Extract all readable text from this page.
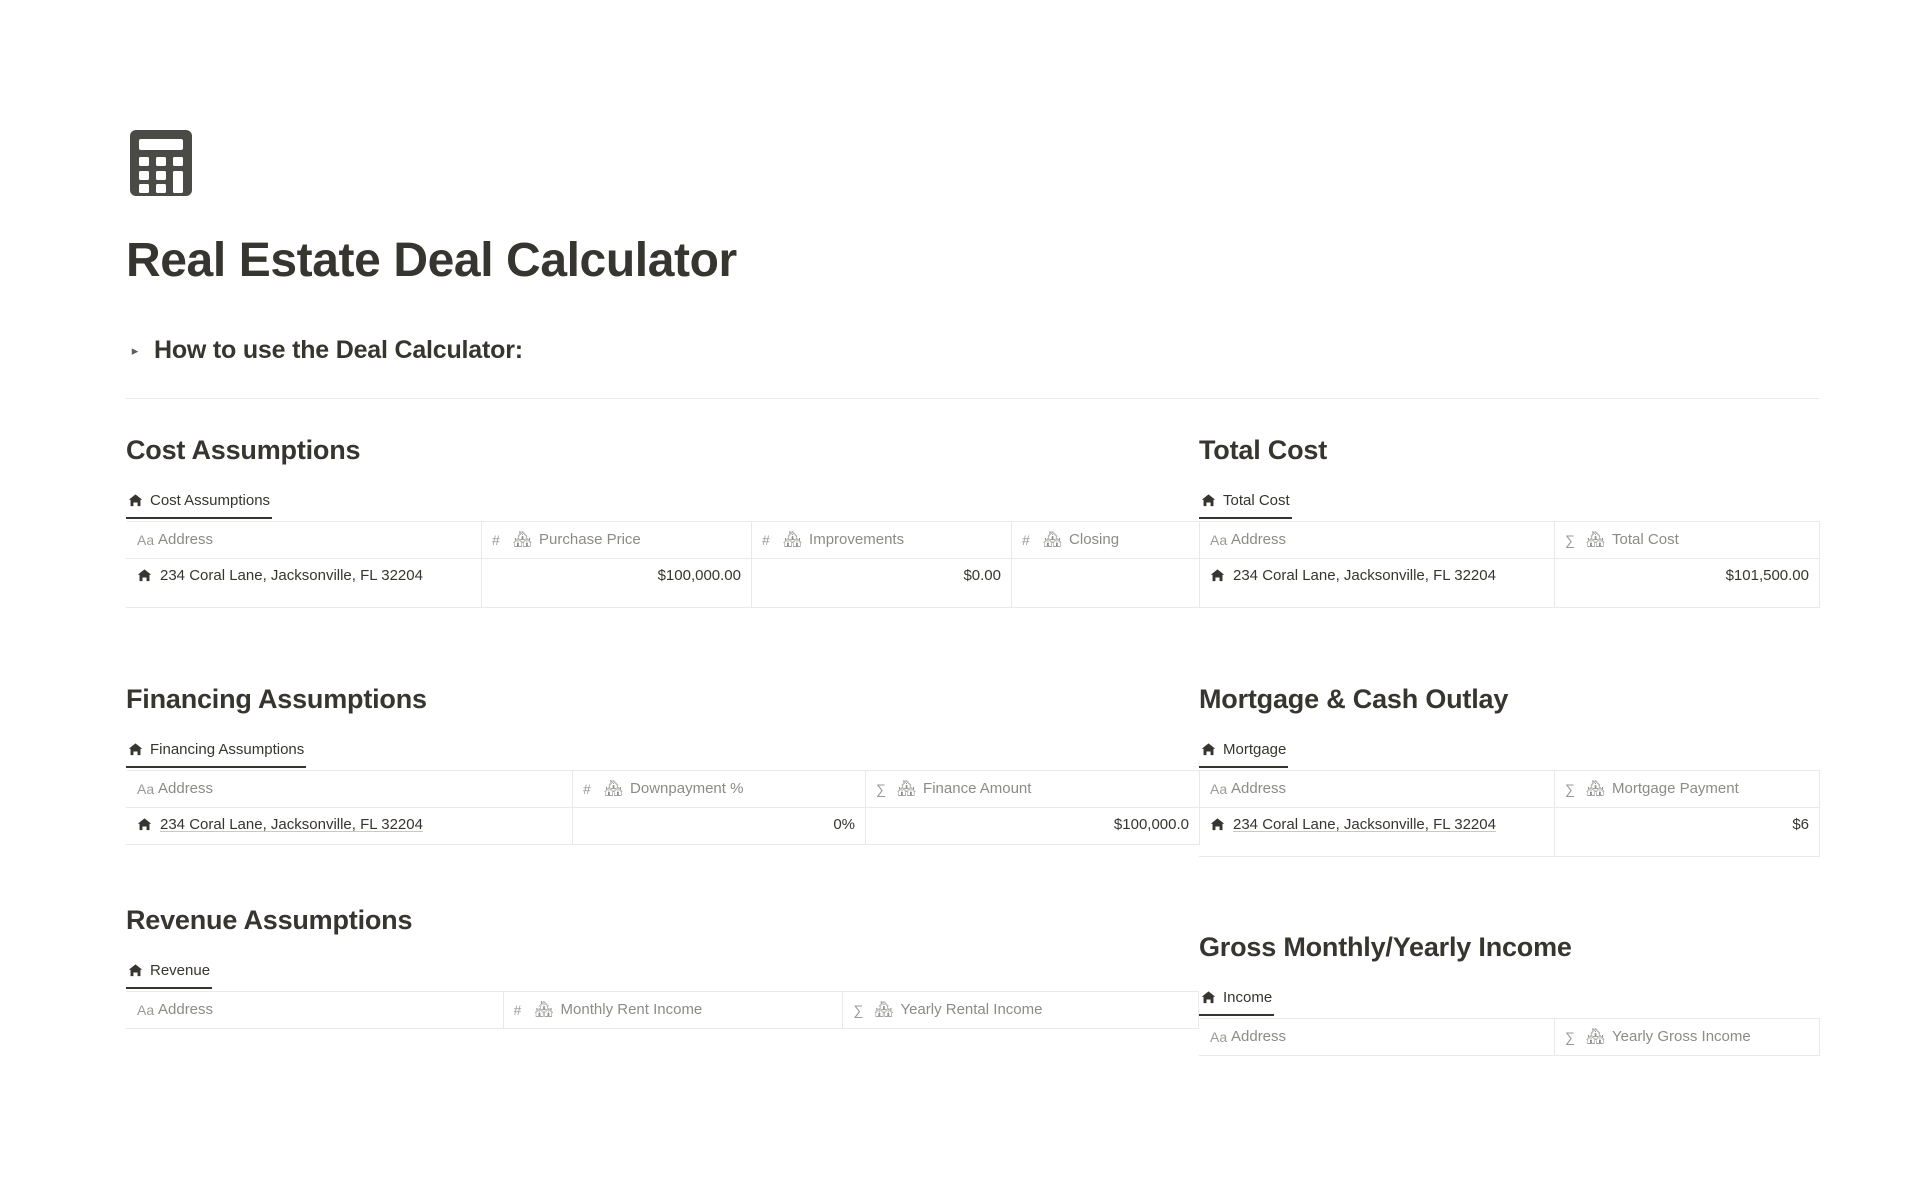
Real Estate Deal Calculator
▸ How to use the Deal Calculator:
Cost Assumptions
Cost Assumptions
Aa Address	# 🏘 Purchase Price	# 🏘 Improvements	# 🏘 Closing

234 Coral Lane, Jacksonville, FL 32204	$100,000.00	$0.00	
Total Cost
Total Cost
Aa Address	∑ 🏘 Total Cost

234 Coral Lane, Jacksonville, FL 32204	$101,500.00
Financing Assumptions
Financing Assumptions
Aa Address	# 🏘 Downpayment %	∑ 🏘 Finance Amount

234 Coral Lane, Jacksonville, FL 32204	0%	$100,000.0
Mortgage & Cash Outlay
Mortgage
Aa Address	∑ 🏘 Mortgage Payment

234 Coral Lane, Jacksonville, FL 32204	$6
Revenue Assumptions
Revenue
Aa Address	# 🏘 Monthly Rent Income	∑ 🏘 Yearly Rental Income
Gross Monthly/Yearly Income
Income
Aa Address	∑ 🏘 Yearly Gross Income
